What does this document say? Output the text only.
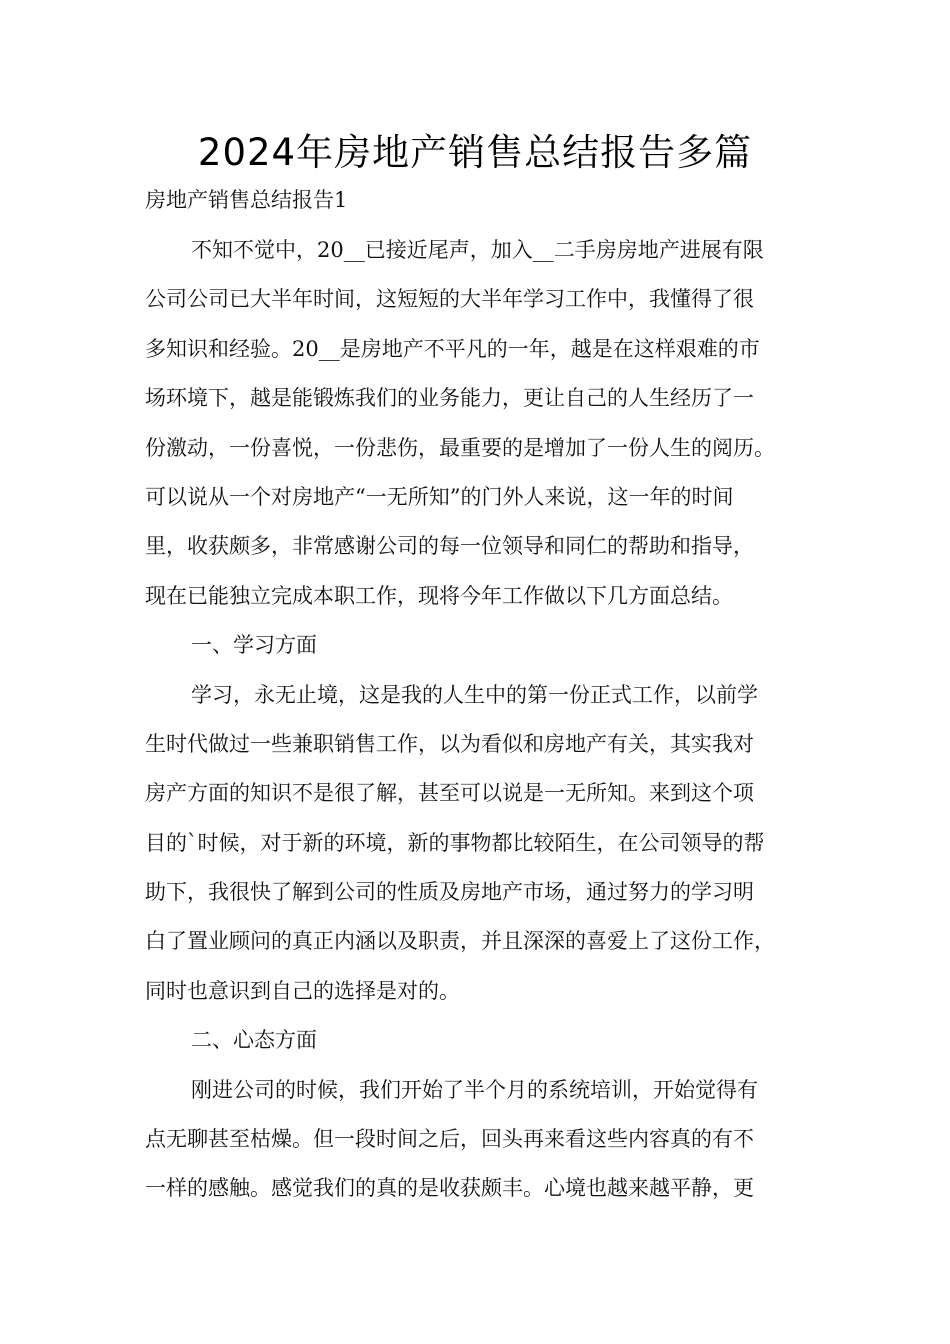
2024年房地产销售总结报告多篇
房地产销售总结报告1
不知不觉中，20__已接近尾声，加入__二手房房地产进展有限
公司公司已大半年时间，这短短的大半年学习工作中，我懂得了很
多知识和经验。20__是房地产不平凡的一年，越是在这样艰难的市
场环境下，越是能锻炼我们的业务能力，更让自己的人生经历了一
份激动，一份喜悦，一份悲伤，最重要的是增加了一份人生的阅历。
可以说从一个对房地产“一无所知”的门外人来说，这一年的时间
里，收获颇多，非常感谢公司的每一位领导和同仁的帮助和指导，
现在已能独立完成本职工作，现将今年工作做以下几方面总结。
一、学习方面
学习，永无止境，这是我的人生中的第一份正式工作，以前学
生时代做过一些兼职销售工作，以为看似和房地产有关，其实我对
房产方面的知识不是很了解，甚至可以说是一无所知。来到这个项
目的`时候，对于新的环境，新的事物都比较陌生，在公司领导的帮
助下，我很快了解到公司的性质及房地产市场，通过努力的学习明
白了置业顾问的真正内涵以及职责，并且深深的喜爱上了这份工作，
同时也意识到自己的选择是对的。
二、心态方面
刚进公司的时候，我们开始了半个月的系统培训，开始觉得有
点无聊甚至枯燥。但一段时间之后，回头再来看这些内容真的有不
一样的感触。感觉我们的真的是收获颇丰。心境也越来越平静，更
